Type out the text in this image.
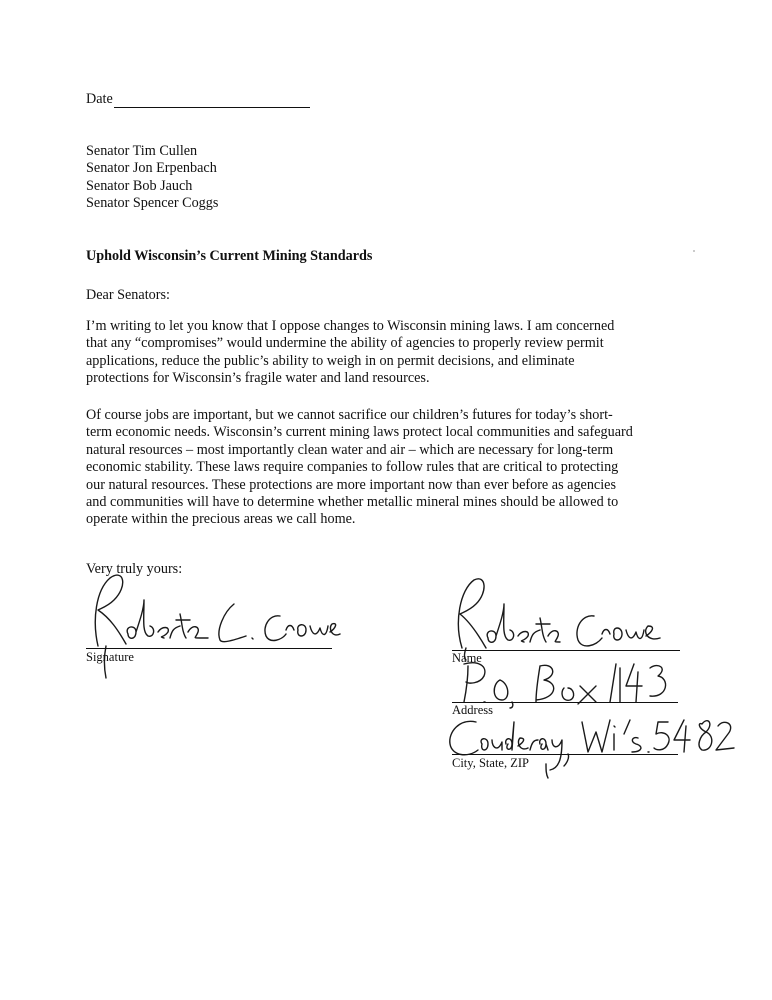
Date
Senator Tim Cullen
Senator Jon Erpenbach
Senator Bob Jauch
Senator Spencer Coggs
Uphold Wisconsin’s Current Mining Standards
Dear Senators:
I’m writing to let you know that I oppose changes to Wisconsin mining laws. I am concerned
that any “compromises” would undermine the ability of agencies to properly review permit
applications, reduce the public’s ability to weigh in on permit decisions, and eliminate
protections for Wisconsin’s fragile water and land resources.
Of course jobs are important, but we cannot sacrifice our children’s futures for today’s short-
term economic needs. Wisconsin’s current mining laws protect local communities and safeguard
natural resources – most importantly clean water and air – which are necessary for long-term
economic stability. These laws require companies to follow rules that are critical to protecting
our natural resources. These protections are more important now than ever before as agencies
and communities will have to determine whether metallic mineral mines should be allowed to
operate within the precious areas we call home.
Very truly yours:
Signature	Name
Address
City, State, ZIP
